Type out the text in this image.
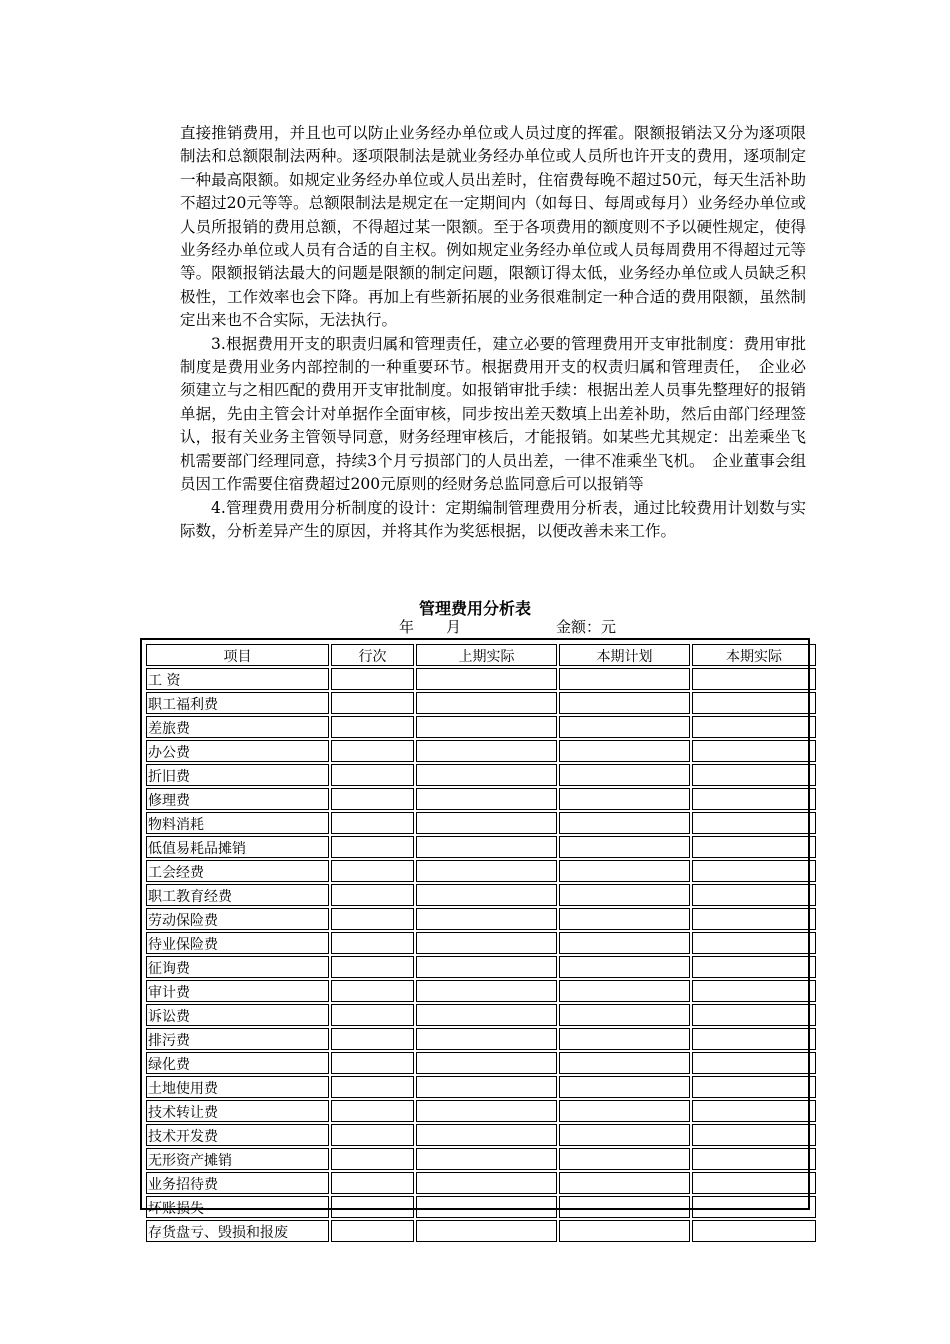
直接推销费用，并且也可以防止业务经办单位或人员过度的挥霍。限额报销法又分为逐项限制法和总额限制法两种。逐项限制法是就业务经办单位或人员所也许开支的费用，逐项制定一种最高限额。如规定业务经办单位或人员出差时，住宿费每晚不超过50元，每天生活补助不超过20元等等。总额限制法是规定在一定期间内（如每日、每周或每月）业务经办单位或人员所报销的费用总额，不得超过某一限额。至于各项费用的额度则不予以硬性规定，使得业务经办单位或人员有合适的自主权。例如规定业务经办单位或人员每周费用不得超过元等等。限额报销法最大的问题是限额的制定问题，限额订得太低，业务经办单位或人员缺乏积极性，工作效率也会下降。再加上有些新拓展的业务很难制定一种合适的费用限额，虽然制定出来也不合实际，无法执行。

3.根据费用开支的职责归属和管理责任，建立必要的管理费用开支审批制度：费用审批制度是费用业务内部控制的一种重要环节。根据费用开支的权责归属和管理责任，　企业必须建立与之相匹配的费用开支审批制度。如报销审批手续：根据出差人员事先整理好的报销单据，先由主管会计对单据作全面审核，同步按出差天数填上出差补助，然后由部门经理签认，报有关业务主管领导同意，财务经理审核后，才能报销。如某些尤其规定：出差乘坐飞机需要部门经理同意，持续3个月亏损部门的人员出差，一律不准乘坐飞机。　企业董事会组员因工作需要住宿费超过200元原则的经财务总监同意后可以报销等

4.管理费用费用分析制度的设计：定期编制管理费用分析表，通过比较费用计划数与实际数，分析差异产生的原因，并将其作为奖惩根据，以便改善未来工作。

管理费用分析表
年 月	金额：元
项目	行次	上期实际	本期计划	本期实际
工 资				
职工福利费				
差旅费				
办公费				
折旧费				
修理费				
物料消耗				
低值易耗品摊销				
工会经费				
职工教育经费				
劳动保险费				
待业保险费				
征询费				
审计费				
诉讼费				
排污费				
绿化费				
土地使用费				
技术转让费				
技术开发费				
无形资产摊销				
业务招待费				
坏账损失				
存货盘亏、毁损和报废				
